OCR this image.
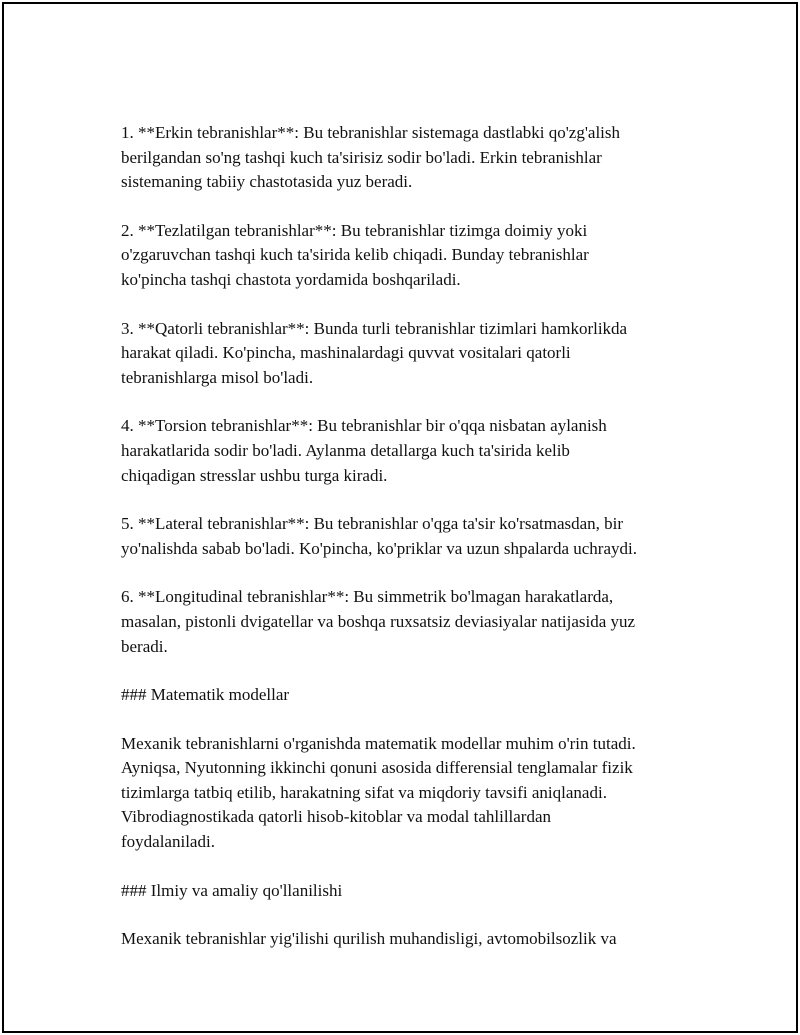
1. **Erkin tebranishlar**: Bu tebranishlar sistemaga dastlabki qo'zg'alish
berilgandan so'ng tashqi kuch ta'sirisiz sodir bo'ladi. Erkin tebranishlar
sistemaning tabiiy chastotasida yuz beradi.

2. **Tezlatilgan tebranishlar**: Bu tebranishlar tizimga doimiy yoki
o'zgaruvchan tashqi kuch ta'sirida kelib chiqadi. Bunday tebranishlar
ko'pincha tashqi chastota yordamida boshqariladi.

3. **Qatorli tebranishlar**: Bunda turli tebranishlar tizimlari hamkorlikda
harakat qiladi. Ko'pincha, mashinalardagi quvvat vositalari qatorli
tebranishlarga misol bo'ladi.

4. **Torsion tebranishlar**: Bu tebranishlar bir o'qqa nisbatan aylanish
harakatlarida sodir bo'ladi. Aylanma detallarga kuch ta'sirida kelib
chiqadigan stresslar ushbu turga kiradi.

5. **Lateral tebranishlar**: Bu tebranishlar o'qga ta'sir ko'rsatmasdan, bir
yo'nalishda sabab bo'ladi. Ko'pincha, ko'priklar va uzun shpalarda uchraydi.

6. **Longitudinal tebranishlar**: Bu simmetrik bo'lmagan harakatlarda,
masalan, pistonli dvigatellar va boshqa ruxsatsiz deviasiyalar natijasida yuz
beradi.

### Matematik modellar

Mexanik tebranishlarni o'rganishda matematik modellar muhim o'rin tutadi.
Ayniqsa, Nyutonning ikkinchi qonuni asosida differensial tenglamalar fizik
tizimlarga tatbiq etilib, harakatning sifat va miqdoriy tavsifi aniqlanadi.
Vibrodiagnostikada qatorli hisob-kitoblar va modal tahlillardan
foydalaniladi.

### Ilmiy va amaliy qo'llanilishi

Mexanik tebranishlar yig'ilishi qurilish muhandisligi, avtomobilsozlik va
